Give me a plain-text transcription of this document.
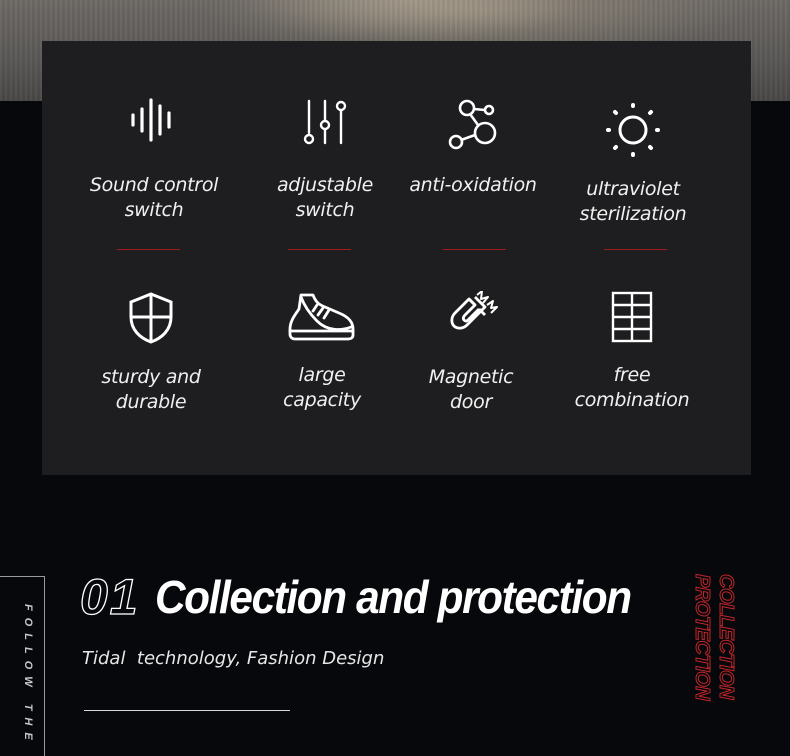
Sound control
switch
adjustable
switch
anti-oxidation	ultraviolet
sterilization
sturdy and
durable
large
capacity
Magnetic
door
free
combination
FOLLOW THE
01 Collection and protection
Tidal  technology, Fashion Design	COLLECTION
PROTECTION
